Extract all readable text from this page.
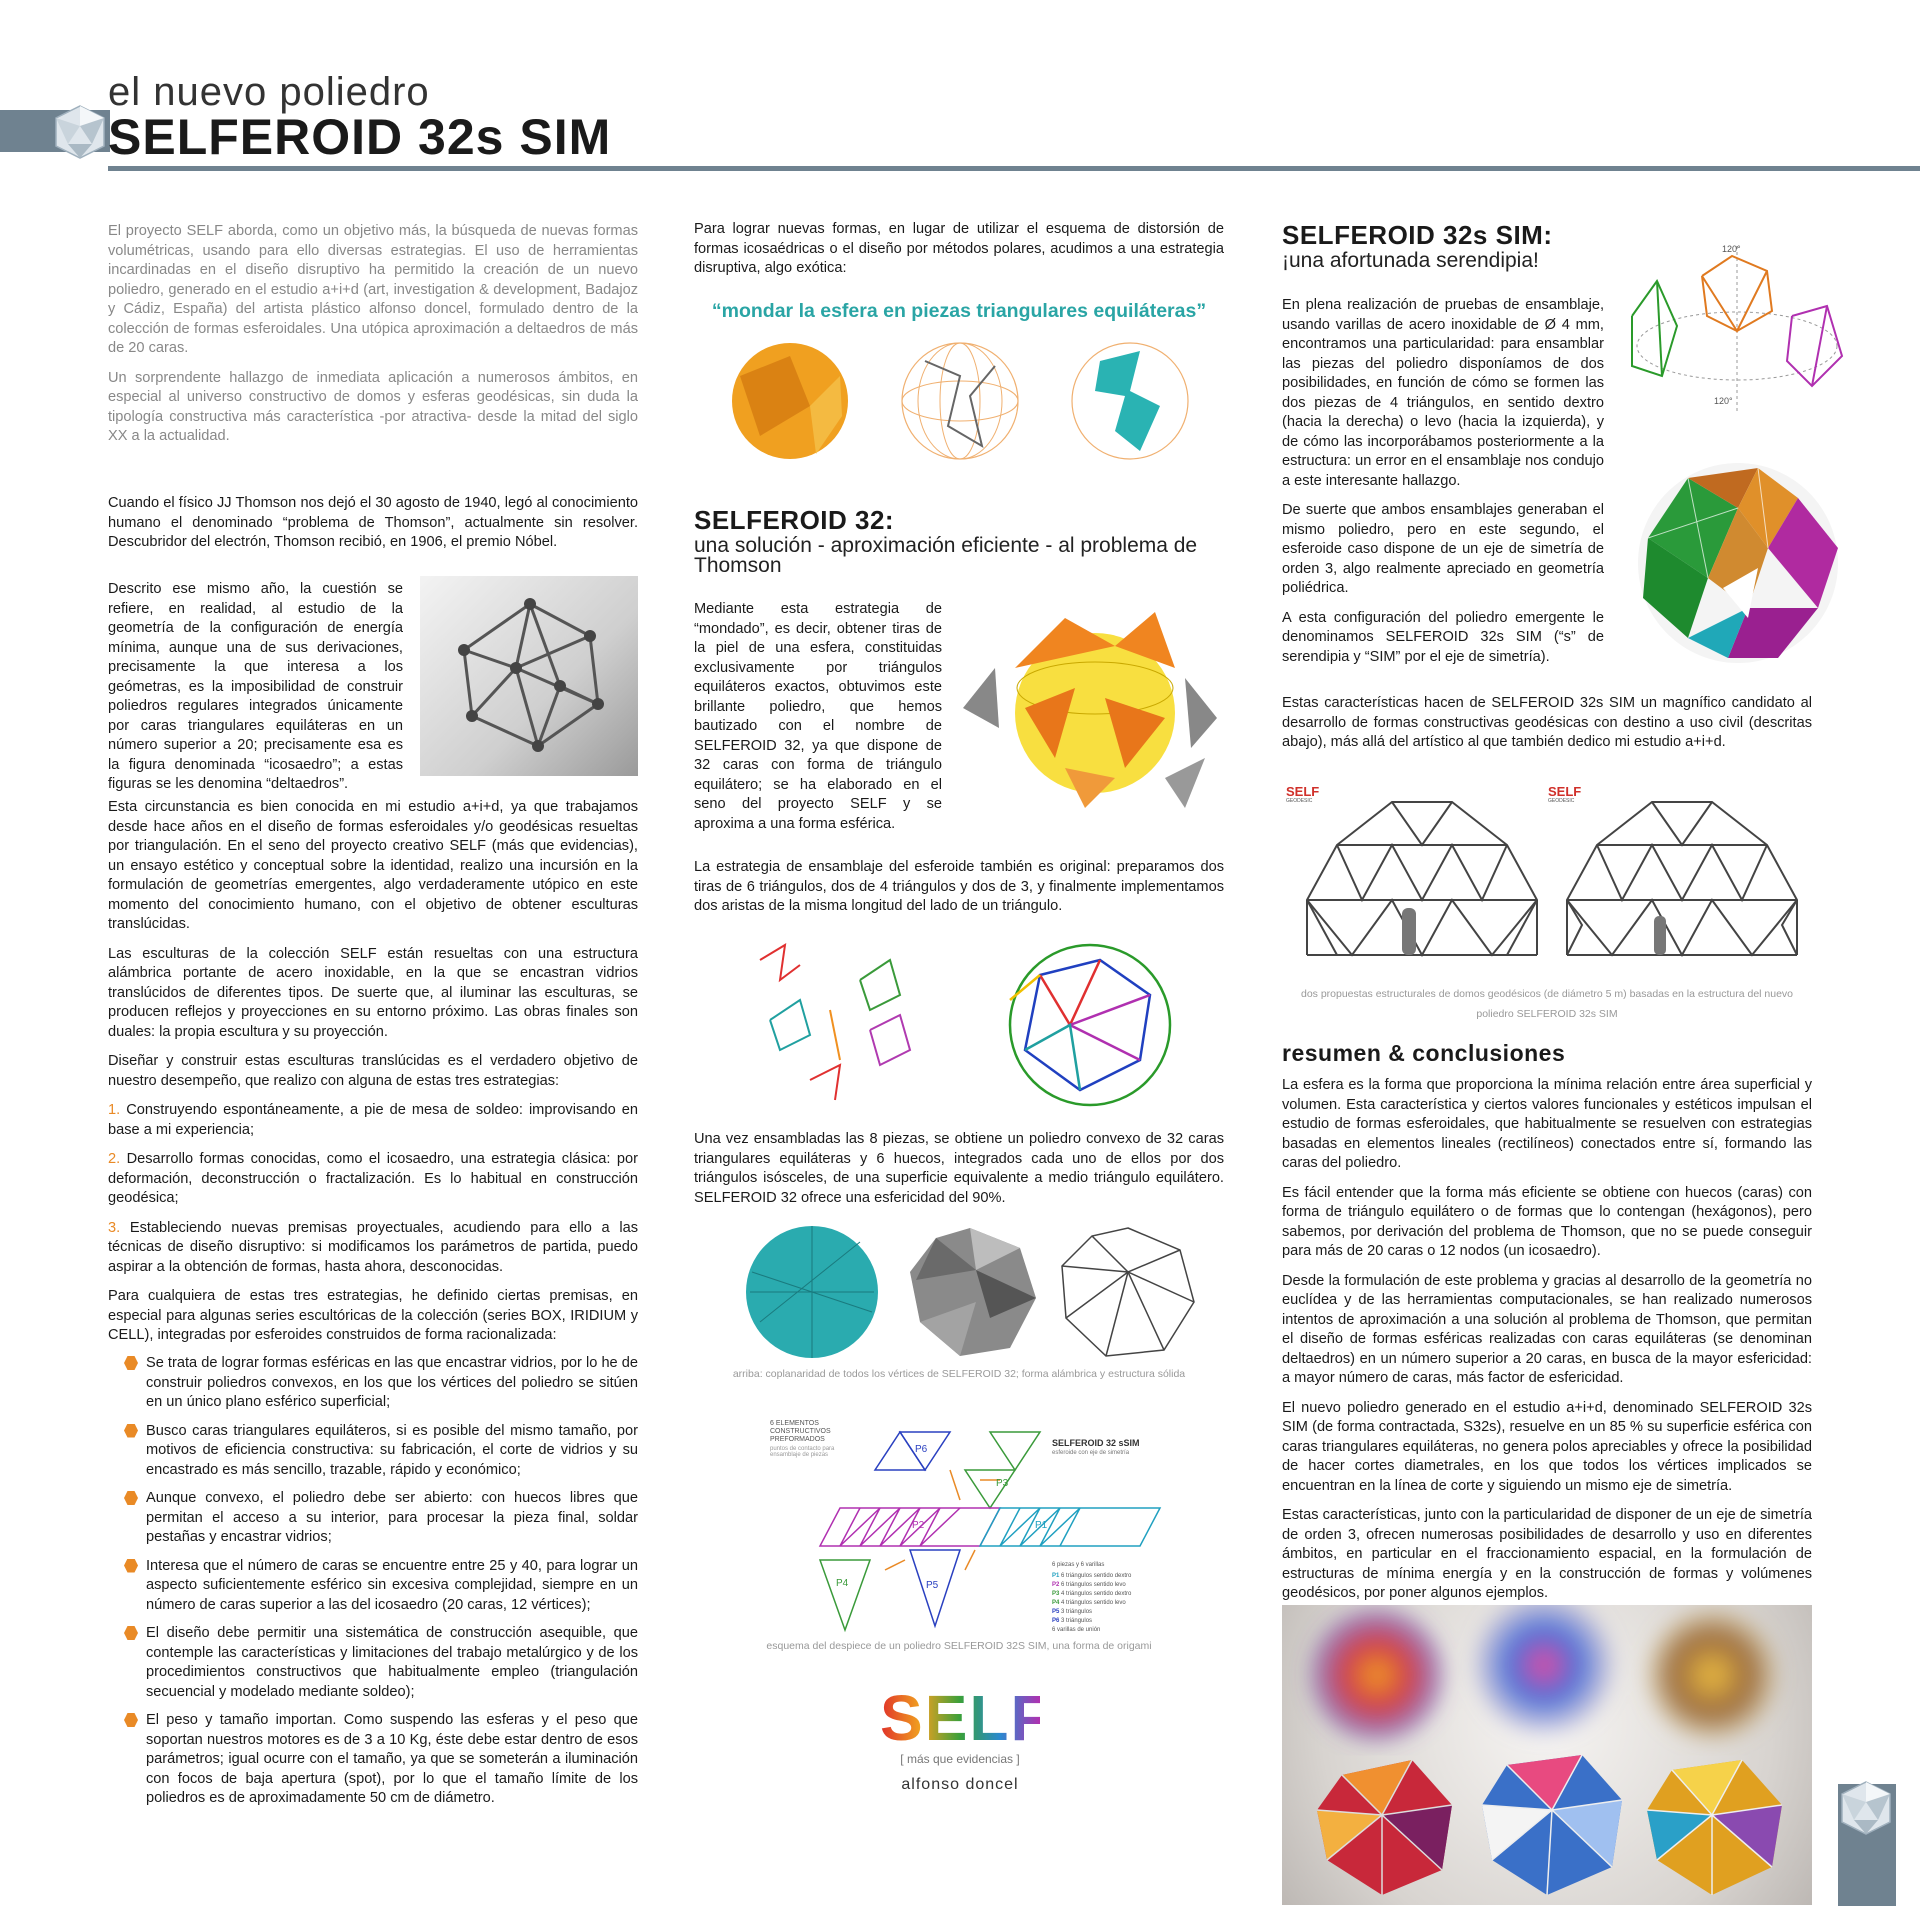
el nuevo poliedro
SELFEROID 32s SIM

El proyecto SELF aborda, como un objetivo más, la búsqueda de nuevas formas volumétricas, usando para ello diversas estrategias. El uso de herramientas incardinadas en el diseño disruptivo ha permitido la creación de un nuevo poliedro, generado en el estudio a+i+d (art, investigation & development, Badajoz y Cádiz, España) del artista plástico alfonso doncel, formulado dentro de la colección de formas esferoidales. Una utópica aproximación a deltaedros de más de 20 caras.

Un sorprendente hallazgo de inmediata aplicación a numerosos ámbitos, en especial al universo constructivo de domos y esferas geodésicas, sin duda la tipología constructiva más característica -por atractiva- desde la mitad del siglo XX a la actualidad.

Cuando el físico JJ Thomson nos dejó el 30 agosto de 1940, legó al conocimiento humano el denominado “problema de Thomson”, actualmente sin resolver. Descubridor del electrón, Thomson recibió, en 1906, el premio Nóbel.

Descrito ese mismo año, la cuestión se refiere, en realidad, al estudio de la geometría de la configuración de energía mínima, aunque una de sus derivaciones, precisamente la que interesa a los geómetras, es la imposibilidad de construir poliedros regulares integrados únicamente por caras triangulares equiláteras en un número superior a 20; precisamente esa es la figura denominada “icosaedro”; a estas figuras se les denomina “deltaedros”.

Esta circunstancia es bien conocida en mi estudio a+i+d, ya que trabajamos desde hace años en el diseño de formas esferoidales y/o geodésicas resueltas por triangulación. En el seno del proyecto creativo SELF (más que evidencias), un ensayo estético y conceptual sobre la identidad, realizo una incursión en la formulación de geometrías emergentes, algo verdaderamente utópico en este momento del conocimiento humano, con el objetivo de obtener esculturas translúcidas.

Las esculturas de la colección SELF están resueltas con una estructura alámbrica portante de acero inoxidable, en la que se encastran vidrios translúcidos de diferentes tipos. De suerte que, al iluminar las esculturas, se producen reflejos y proyecciones en su entorno próximo. Las obras finales son duales: la propia escultura y su proyección.

Diseñar y construir estas esculturas translúcidas es el verdadero objetivo de nuestro desempeño, que realizo con alguna de estas tres estrategias:

1. Construyendo espontáneamente, a pie de mesa de soldeo: improvisando en base a mi experiencia;

2. Desarrollo formas conocidas, como el icosaedro, una estrategia clásica: por deformación, deconstrucción o fractalización. Es lo habitual en construcción geodésica;

3. Estableciendo nuevas premisas proyectuales, acudiendo para ello a las técnicas de diseño disruptivo: si modificamos los parámetros de partida, puedo aspirar a la obtención de formas, hasta ahora, desconocidas.

Para cualquiera de estas tres estrategias, he definido ciertas premisas, en especial para algunas series escultóricas de la colección (series BOX, IRIDIUM y CELL), integradas por esferoides construidos de forma racionalizada:

Se trata de lograr formas esféricas en las que encastrar vidrios, por lo he de construir poliedros convexos, en los que los vértices del poliedro se sitúen en un único plano esférico superficial;
Busco caras triangulares equiláteros, si es posible del mismo tamaño, por motivos de eficiencia constructiva: su fabricación, el corte de vidrios y su encastrado es más sencillo, trazable, rápido y económico;
Aunque convexo, el poliedro debe ser abierto: con huecos libres que permitan el acceso a su interior, para procesar la pieza final, soldar pestañas y encastrar vidrios;
Interesa que el número de caras se encuentre entre 25 y 40, para lograr un aspecto suficientemente esférico sin excesiva complejidad, siempre en un número de caras superior a las del icosaedro (20 caras, 12 vértices);
El diseño debe permitir una sistemática de construcción asequible, que contemple las características y limitaciones del trabajo metalúrgico y de los procedimientos constructivos que habitualmente empleo (triangulación secuencial y modelado mediante soldeo);
El peso y tamaño importan. Como suspendo las esferas y el peso que soportan nuestros motores es de 3 a 10 Kg, éste debe estar dentro de esos parámetros; igual ocurre con el tamaño, ya que se someterán a iluminación con focos de baja apertura (spot), por lo que el tamaño límite de los poliedros es de aproximadamente 50 cm de diámetro.

Para lograr nuevas formas, en lugar de utilizar el esquema de distorsión de formas icosaédricas o el diseño por métodos polares, acudimos a una estrategia disruptiva, algo exótica:

“mondar la esfera en piezas triangulares equiláteras”
SELFEROID 32:
una solución - aproximación eficiente - al problema de Thomson

Mediante esta estrategia de “mondado”, es decir, obtener tiras de la piel de una esfera, constituidas exclusivamente por triángulos equiláteros exactos, obtuvimos este brillante poliedro, que hemos bautizado con el nombre de SELFEROID 32, ya que dispone de 32 caras con forma de triángulo equilátero; se ha elaborado en el seno del proyecto SELF y se aproxima a una forma esférica.

La estrategia de ensamblaje del esferoide también es original: preparamos dos tiras de 6 triángulos, dos de 4 triángulos y dos de 3, y finalmente implementamos dos aristas de la misma longitud del lado de un triángulo.

Una vez ensambladas las 8 piezas, se obtiene un poliedro convexo de 32 caras triangulares equiláteras y 6 huecos, integrados cada uno de ellos por dos triángulos isósceles, de una superficie equivalente a medio triángulo equilátero. SELFEROID 32 ofrece una esfericidad del 90%.

arriba: coplanaridad de todos los vértices de SELFEROID 32; forma alámbrica y estructura sólida
6 ELEMENTOS CONSTRUCTIVOS PREFORMADOS
puntos de contacto para ensamblaje de piezas
SELFEROID 32 sSIM
esferoide con eje de simetría
P6
P3
P2	P1
P4	P5
6 piezas y 6 varillas
P1 6 triángulos sentido dextro
P2 6 triángulos sentido levo
P3 4 triángulos sentido dextro
P4 4 triángulos sentido levo
P5 3 triángulos
P6 3 triángulos
6 varillas de unión
esquema del despiece de un poliedro SELFEROID 32S SIM, una forma de origami
SELF
[ más que evidencias ]
alfonso doncel
SELFEROID 32s SIM:
¡una afortunada serendipia!

En plena realización de pruebas de ensamblaje, usando varillas de acero inoxidable de Ø 4 mm, encontramos una particularidad: para ensamblar las piezas del poliedro disponíamos de dos posibilidades, en función de cómo se formen las dos piezas de 4 triángulos, en sentido dextro (hacia la derecha) o levo (hacia la izquierda), y de cómo las incorporábamos posteriormente a la estructura: un error en el ensamblaje nos condujo a este interesante hallazgo.

De suerte que ambos ensamblajes generaban el mismo poliedro, pero en este segundo, el esferoide caso dispone de un eje de simetría de orden 3, algo realmente apreciado en geometría poliédrica.

A esta configuración del poliedro emergente le denominamos SELFEROID 32s SIM (“s” de serendipia y “SIM” por el eje de simetría).

120°
120°

Estas características hacen de SELFEROID 32s SIM un magnífico candidato al desarrollo de formas constructivas geodésicas con destino a uso civil (descritas abajo), más allá del artístico al que también dedico mi estudio a+i+d.

SELF
GEODESIC
SELF
GEODESIC
dos propuestas estructurales de domos geodésicos (de diámetro 5 m) basadas en la estructura del nuevo poliedro SELFEROID 32s SIM
resumen & conclusiones

La esfera es la forma que proporciona la mínima relación entre área superficial y volumen. Esta característica y ciertos valores funcionales y estéticos impulsan el estudio de formas esferoidales, que habitualmente se resuelven con estrategias basadas en elementos lineales (rectilíneos) conectados entre sí, formando las caras del poliedro.

Es fácil entender que la forma más eficiente se obtiene con huecos (caras) con forma de triángulo equilátero o de formas que lo contengan (hexágonos), pero sabemos, por derivación del problema de Thomson, que no se puede conseguir para más de 20 caras o 12 nodos (un icosaedro).

Desde la formulación de este problema y gracias al desarrollo de la geometría no euclídea y de las herramientas computacionales, se han realizado numerosos intentos de aproximación a una solución al problema de Thomson, que permitan el diseño de formas esféricas realizadas con caras equiláteras (se denominan deltaedros) en un número superior a 20 caras, en busca de la mayor esfericidad: a mayor número de caras, más factor de esfericidad.

El nuevo poliedro generado en el estudio a+i+d, denominado SELFEROID 32s SIM (de forma contractada, S32s), resuelve en un 85 % su superficie esférica con caras triangulares equiláteras, no genera polos apreciables y ofrece la posibilidad de hacer cortes diametrales, en los que todos los vértices implicados se encuentran en la línea de corte y siguiendo un mismo eje de simetría.

Estas características, junto con la particularidad de disponer de un eje de simetría de orden 3, ofrecen numerosas posibilidades de desarrollo y uso en diferentes ámbitos, en particular en el fraccionamiento espacial, en la formulación de estructuras de mínima energía y en la construcción de formas y volúmenes geodésicos, por poner algunos ejemplos.
